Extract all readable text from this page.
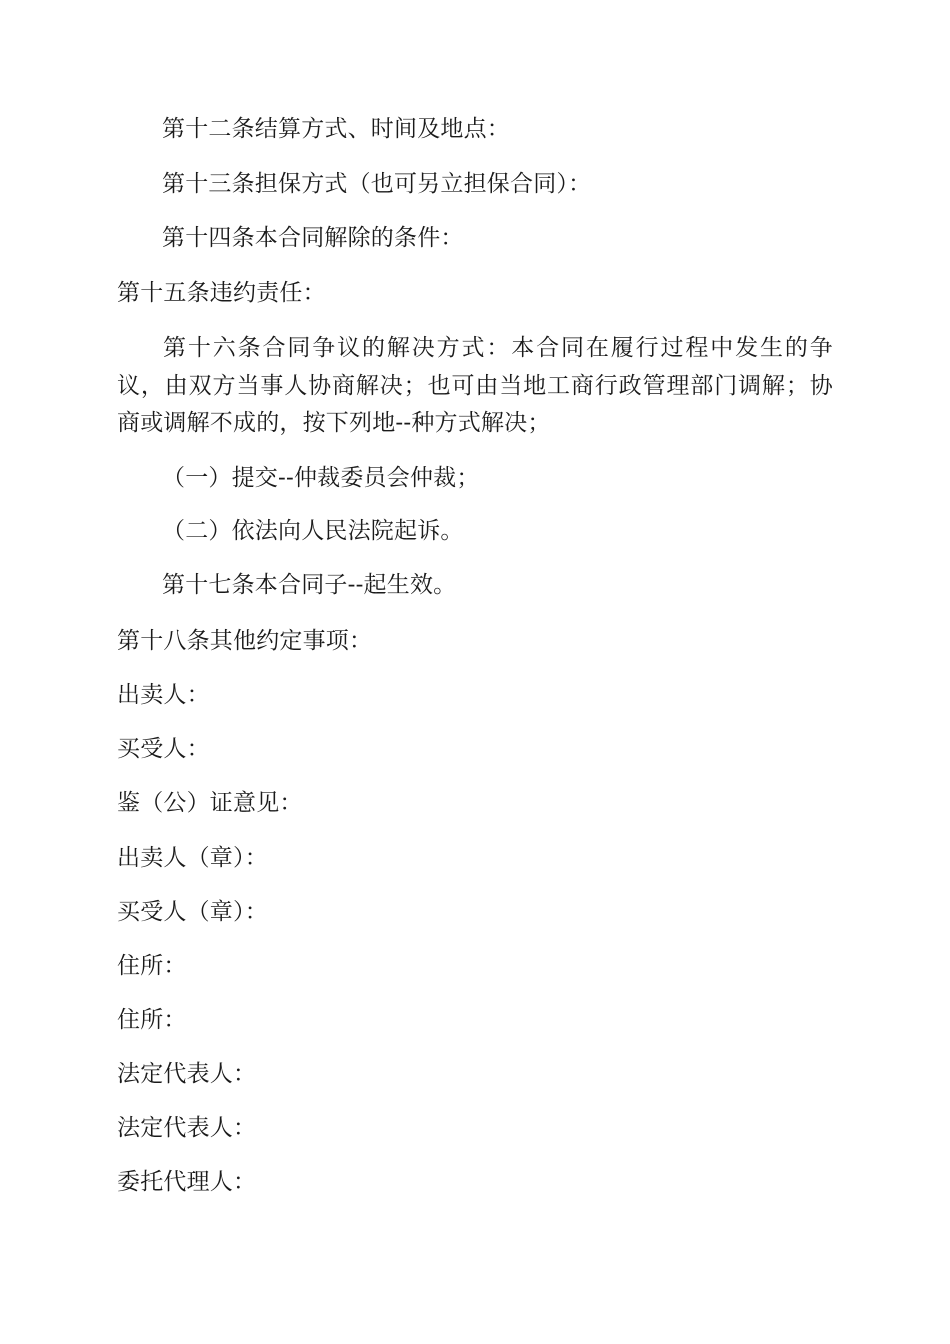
第十二条结算方式、时间及地点：

第十三条担保方式（也可另立担保合同）：

第十四条本合同解除的条件：

第十五条违约责任：

第十六条合同争议的解决方式：本合同在履行过程中发生的争议，由双方当事人协商解决；也可由当地工商行政管理部门调解；协商或调解不成的，按下列地--种方式解决；

（一）提交--仲裁委员会仲裁；

（二）依法向人民法院起诉。

第十七条本合同子--起生效。

第十八条其他约定事项：

出卖人：

买受人：

鉴（公）证意见：

出卖人（章）：

买受人（章）：

住所：

住所：

法定代表人：

法定代表人：

委托代理人：
